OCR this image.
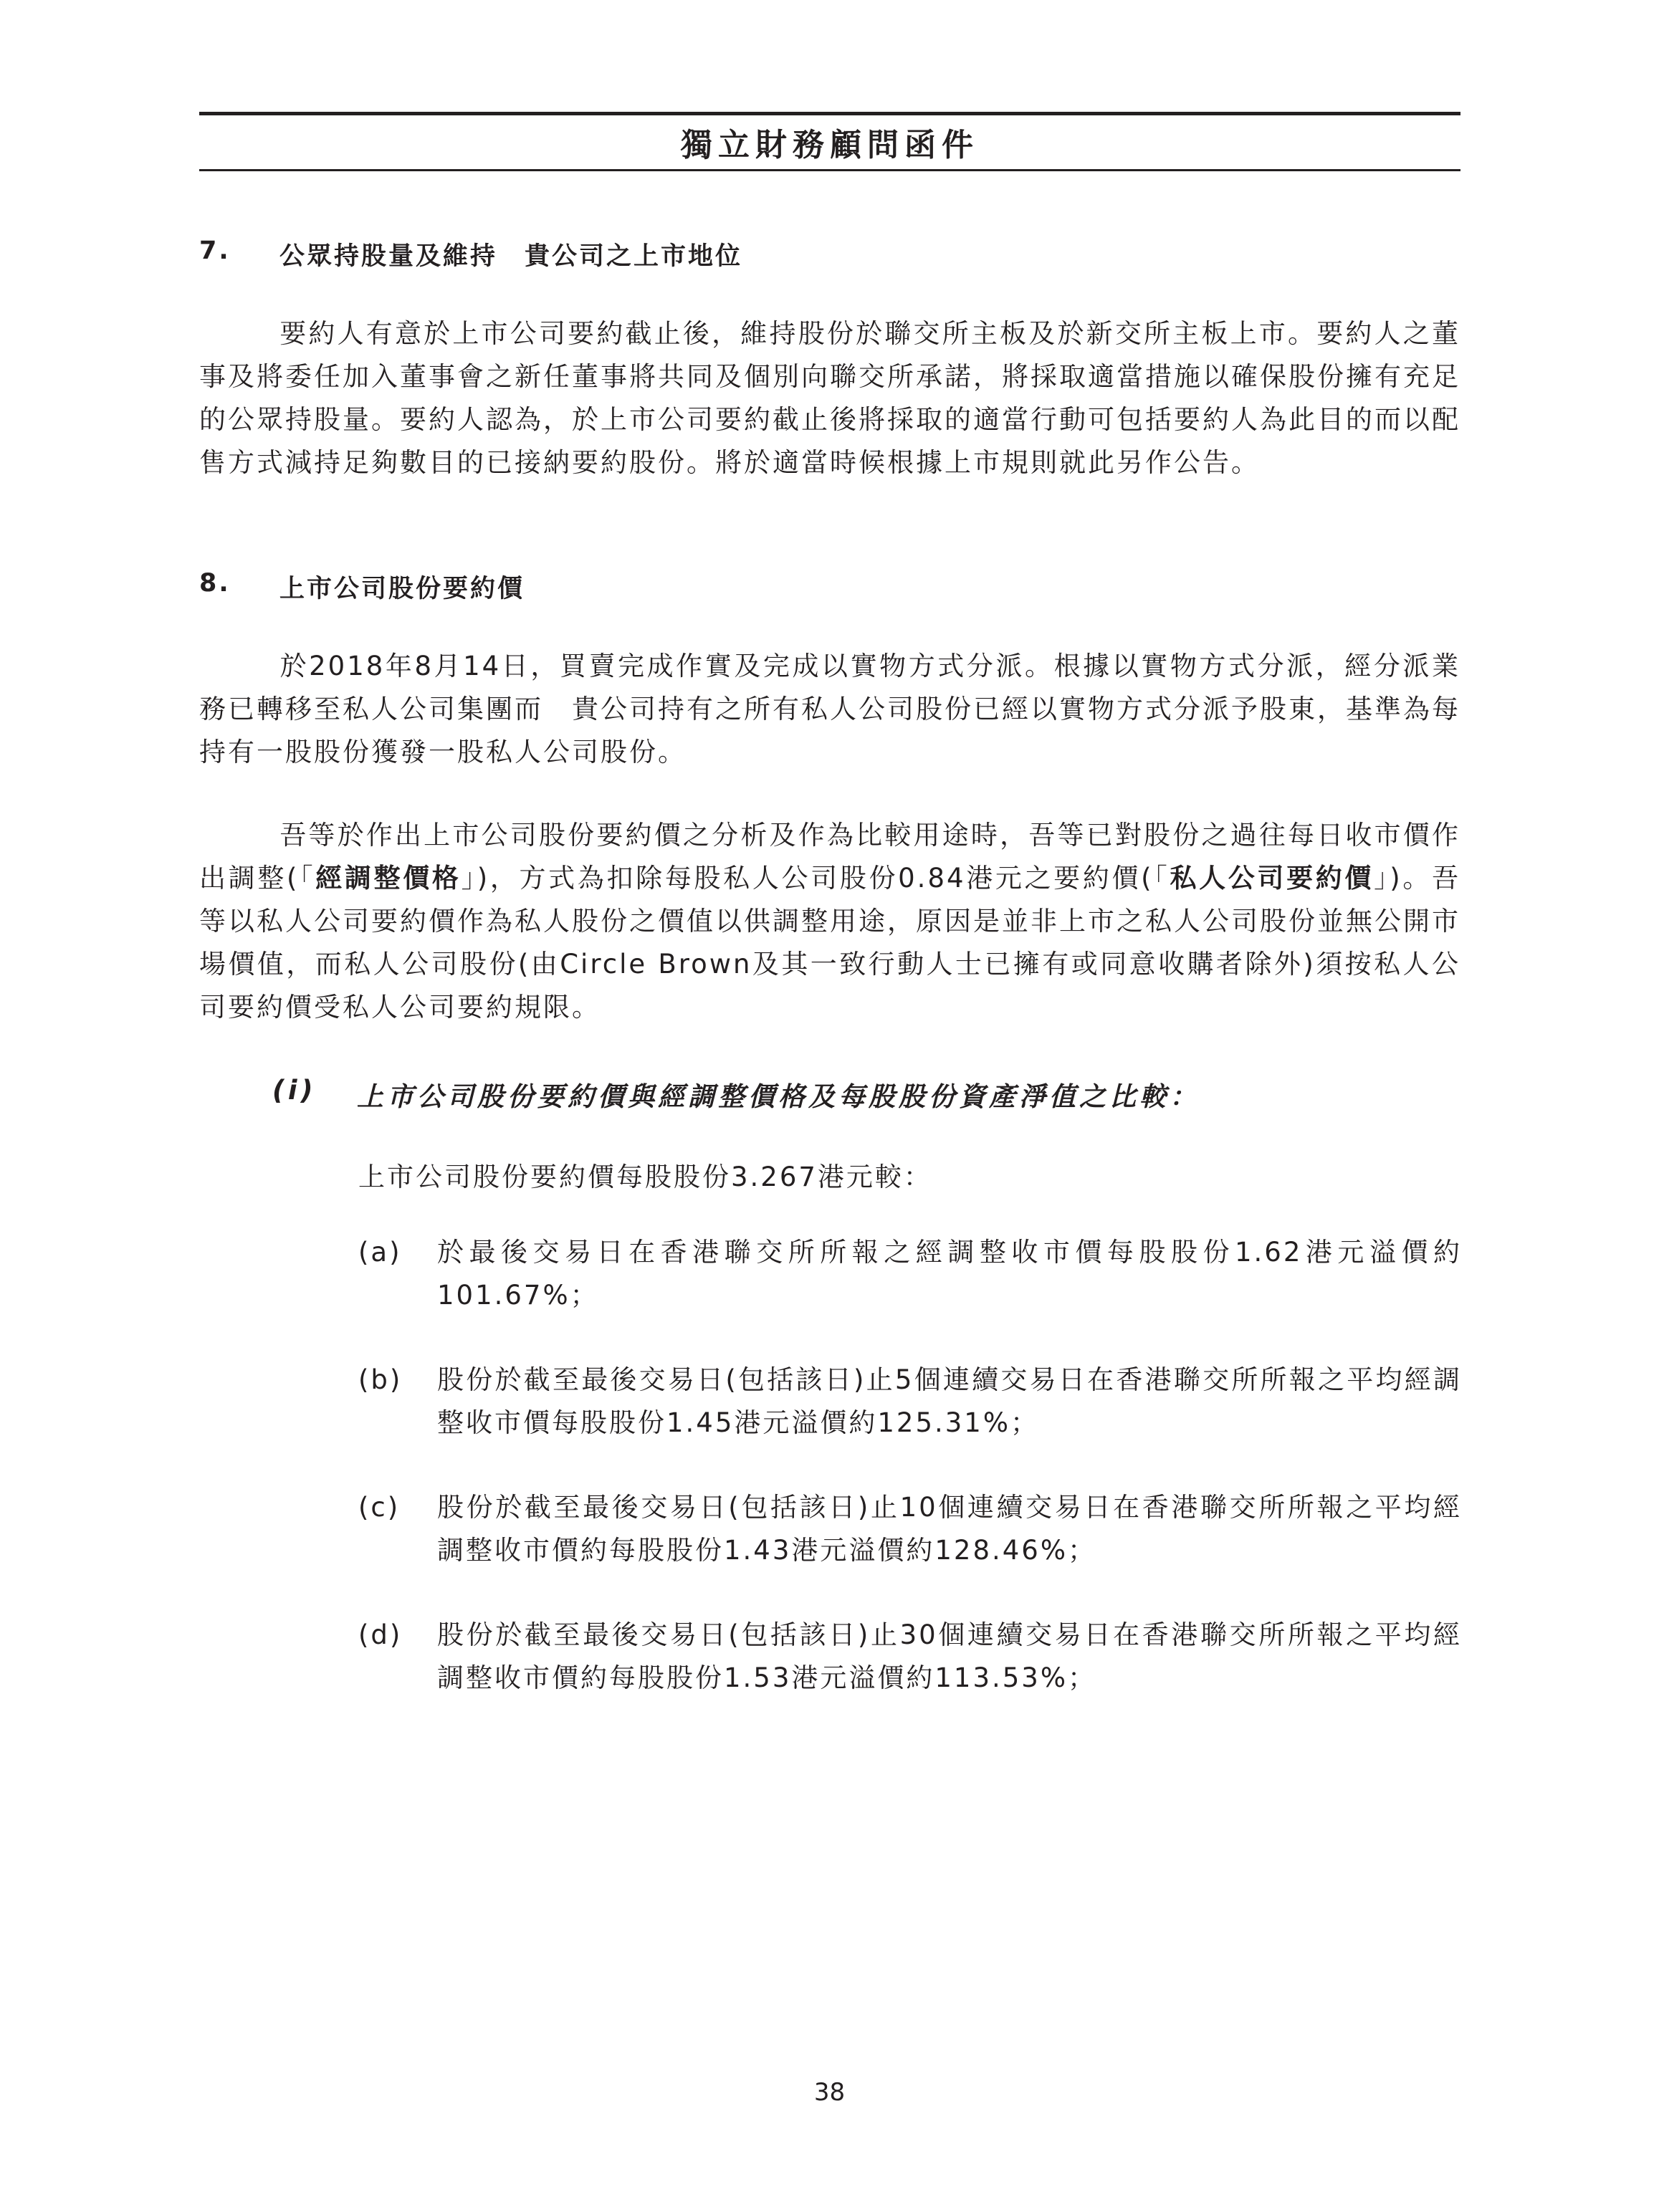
獨立財務顧問函件
7. 公眾持股量及維持　貴公司之上市地位
要約人有意於上市公司要約截止後，維持股份於聯交所主板及於新交所主板上市。要約人之董事及將委任加入董事會之新任董事將共同及個別向聯交所承諾，將採取適當措施以確保股份擁有充足的公眾持股量。要約人認為，於上市公司要約截止後將採取的適當行動可包括要約人為此目的而以配售方式減持足夠數目的已接納要約股份。將於適當時候根據上市規則就此另作公告。
8. 上市公司股份要約價
於2018年8月14日，買賣完成作實及完成以實物方式分派。根據以實物方式分派，經分派業務已轉移至私人公司集團而　貴公司持有之所有私人公司股份已經以實物方式分派予股東，基準為每持有一股股份獲發一股私人公司股份。
吾等於作出上市公司股份要約價之分析及作為比較用途時，吾等已對股份之過往每日收市價作出調整(「經調整價格」)，方式為扣除每股私人公司股份0.84港元之要約價(「私人公司要約價」)。吾等以私人公司要約價作為私人股份之價值以供調整用途，原因是並非上市之私人公司股份並無公開市場價值，而私人公司股份(由Circle Brown及其一致行動人士已擁有或同意收購者除外)須按私人公司要約價受私人公司要約規限。
(i) 上市公司股份要約價與經調整價格及每股股份資產淨值之比較：
上市公司股份要約價每股股份3.267港元較：
(a) 於最後交易日在香港聯交所所報之經調整收市價每股股份1.62港元溢價約101.67%；
(b) 股份於截至最後交易日(包括該日)止5個連續交易日在香港聯交所所報之平均經調整收市價每股股份1.45港元溢價約125.31%；
(c) 股份於截至最後交易日(包括該日)止10個連續交易日在香港聯交所所報之平均經調整收市價約每股股份1.43港元溢價約128.46%；
(d) 股份於截至最後交易日(包括該日)止30個連續交易日在香港聯交所所報之平均經調整收市價約每股股份1.53港元溢價約113.53%；
38
